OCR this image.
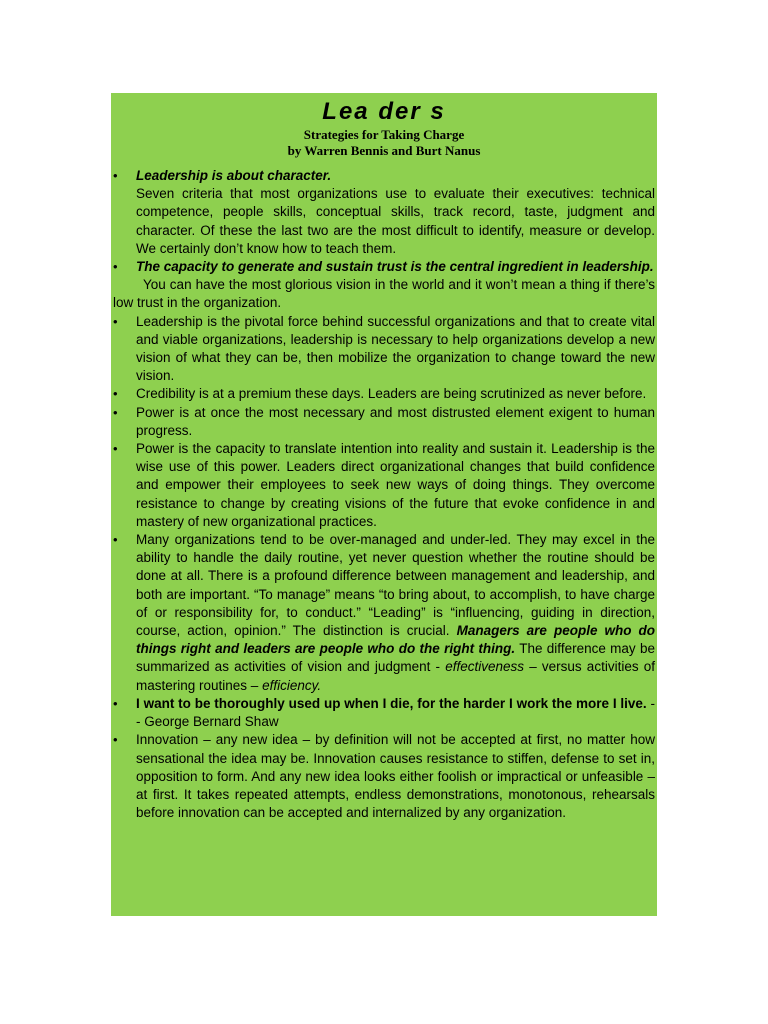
Lea der s

Strategies for Taking Charge

by Warren Bennis and Burt Nanus

• Leadership is about character.
Seven criteria that most organizations use to evaluate their executives: technical competence, people skills, conceptual skills, track record, taste, judgment and character. Of these the last two are the most difficult to identify, measure or develop. We certainly don’t know how to teach them.
• The capacity to generate and sustain trust is the central ingredient in leadership.

You can have the most glorious vision in the world and it won’t mean a thing if there’s low trust in the organization.

• Leadership is the pivotal force behind successful organizations and that to create vital and viable organizations, leadership is necessary to help organizations develop a new vision of what they can be, then mobilize the organization to change toward the new vision.
• Credibility is at a premium these days. Leaders are being scrutinized as never before.
• Power is at once the most necessary and most distrusted element exigent to human progress.
• Power is the capacity to translate intention into reality and sustain it. Leadership is the wise use of this power. Leaders direct organizational changes that build confidence and empower their employees to seek new ways of doing things. They overcome resistance to change by creating visions of the future that evoke confidence in and mastery of new organizational practices.
• Many organizations tend to be over-managed and under-led. They may excel in the ability to handle the daily routine, yet never question whether the routine should be done at all. There is a profound difference between management and leadership, and both are important. “To manage” means “to bring about, to accomplish, to have charge of or responsibility for, to conduct.” “Leading” is “influencing, guiding in direction, course, action, opinion.” The distinction is crucial. Managers are people who do things right and leaders are people who do the right thing. The difference may be summarized as activities of vision and judgment - effectiveness – versus activities of mastering routines – efficiency.
• I want to be thoroughly used up when I die, for the harder I work the more I live. -- George Bernard Shaw
• Innovation – any new idea – by definition will not be accepted at first, no matter how sensational the idea may be. Innovation causes resistance to stiffen, defense to set in, opposition to form. And any new idea looks either foolish or impractical or unfeasible – at first. It takes repeated attempts, endless demonstrations, monotonous, rehearsals before innovation can be accepted and internalized by any organization.
